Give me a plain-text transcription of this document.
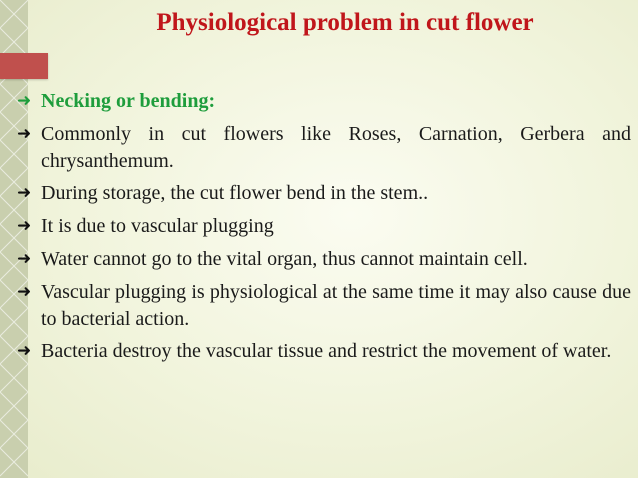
Physiological problem in cut flower
➜ Necking or bending:
➜ Commonly in cut flowers like Roses, Carnation, Gerbera and chrysanthemum.
➜ During storage, the cut flower bend in the stem..
➜ It is due to vascular plugging
➜ Water cannot go to the vital organ, thus cannot maintain cell.
➜ Vascular plugging is physiological at the same time it may also cause due to bacterial action.
➜ Bacteria destroy the vascular tissue and restrict the movement of water.
